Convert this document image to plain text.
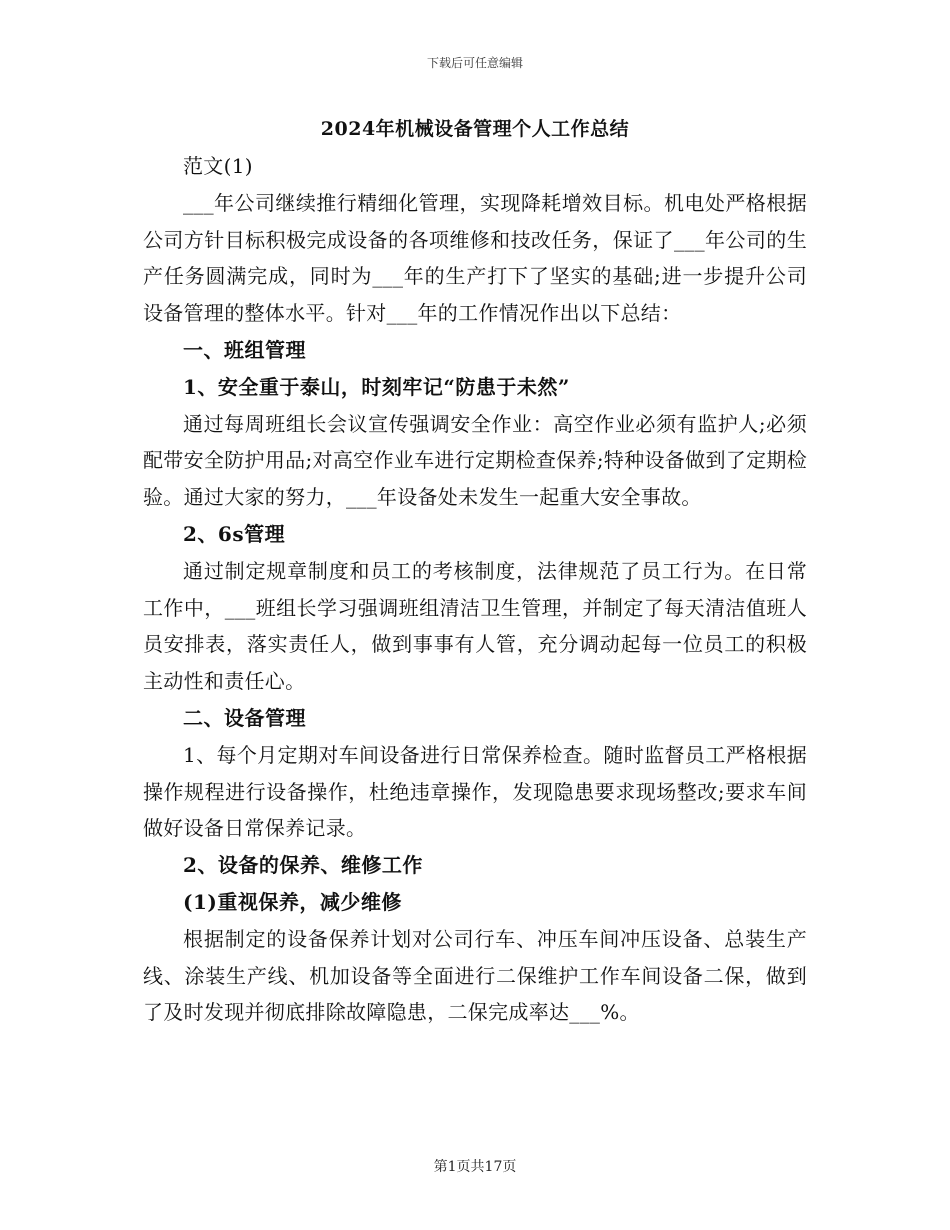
下载后可任意编辑
2024年机械设备管理个人工作总结

范文(1)

___年公司继续推行精细化管理，实现降耗增效目标。机电处严格根据公司方针目标积极完成设备的各项维修和技改任务，保证了___年公司的生产任务圆满完成，同时为___年的生产打下了坚实的基础;进一步提升公司设备管理的整体水平。针对___年的工作情况作出以下总结：

一、班组管理

1、安全重于泰山，时刻牢记“防患于未然”

通过每周班组长会议宣传强调安全作业：高空作业必须有监护人;必须配带安全防护用品;对高空作业车进行定期检查保养;特种设备做到了定期检验。通过大家的努力，___年设备处未发生一起重大安全事故。

2、6s管理

通过制定规章制度和员工的考核制度，法律规范了员工行为。在日常工作中，___班组长学习强调班组清洁卫生管理，并制定了每天清洁值班人员安排表，落实责任人，做到事事有人管，充分调动起每一位员工的积极主动性和责任心。

二、设备管理

1、每个月定期对车间设备进行日常保养检查。随时监督员工严格根据操作规程进行设备操作，杜绝违章操作，发现隐患要求现场整改;要求车间做好设备日常保养记录。

2、设备的保养、维修工作

(1)重视保养，减少维修

根据制定的设备保养计划对公司行车、冲压车间冲压设备、总装生产线、涂装生产线、机加设备等全面进行二保维护工作车间设备二保，做到了及时发现并彻底排除故障隐患，二保完成率达___%。

第1页共17页
